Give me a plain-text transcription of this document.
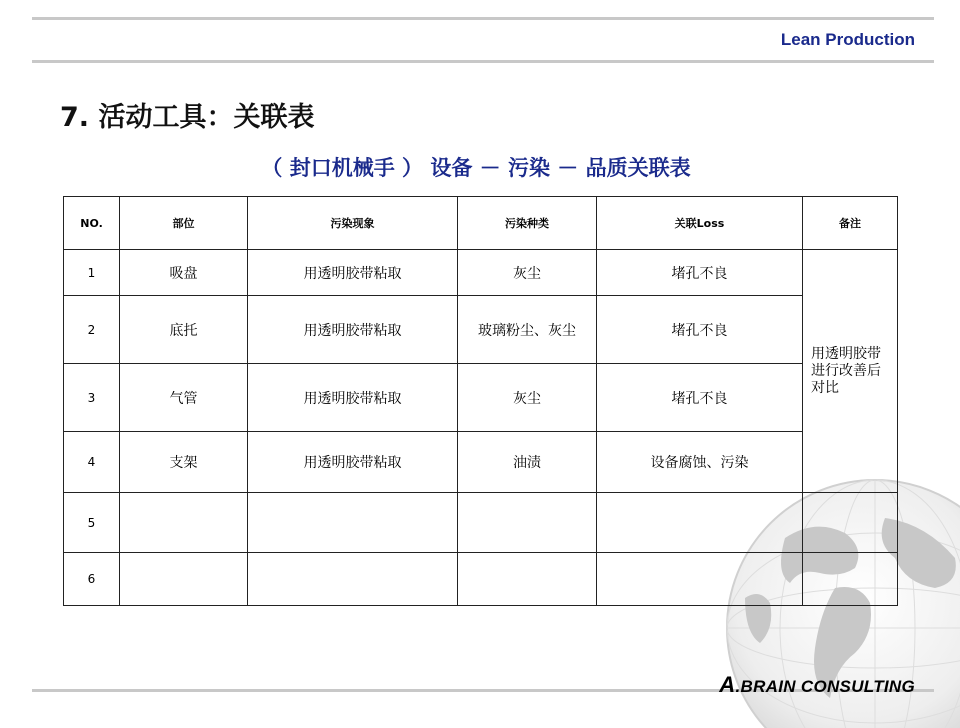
Lean Production
7. 活动工具：关联表
（ 封口机械手 ） 设备 － 污染 － 品质关联表
NO.	部位	污染现象	污染种类	关联Loss	备注
1	吸盘	用透明胶带粘取	灰尘	堵孔不良	用透明胶带进行改善后对比

2	底托	用透明胶带粘取	玻璃粉尘、灰尘	堵孔不良	
3	气管	用透明胶带粘取	灰尘	堵孔不良	
4	支架	用透明胶带粘取	油渍	设备腐蚀、污染	
5					
6					
A.BRAIN CONSULTING
